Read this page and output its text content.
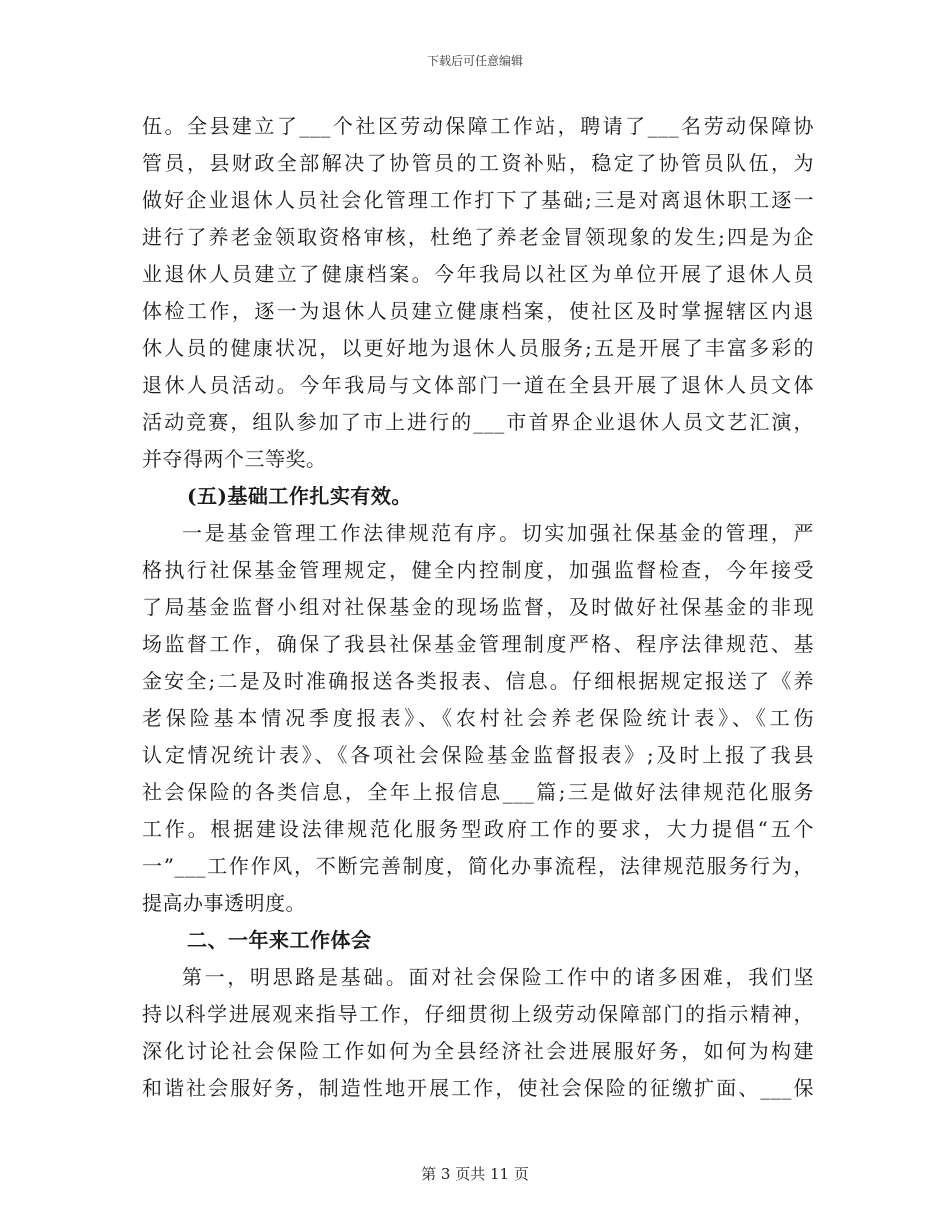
下载后可任意编辑
伍。全县建立了___个社区劳动保障工作站，聘请了___名劳动保障协
管员，县财政全部解决了协管员的工资补贴，稳定了协管员队伍，为
做好企业退休人员社会化管理工作打下了基础;三是对离退休职工逐一
进行了养老金领取资格审核，杜绝了养老金冒领现象的发生;四是为企
业退休人员建立了健康档案。今年我局以社区为单位开展了退休人员
体检工作，逐一为退休人员建立健康档案，使社区及时掌握辖区内退
休人员的健康状况，以更好地为退休人员服务;五是开展了丰富多彩的
退休人员活动。今年我局与文体部门一道在全县开展了退休人员文体
活动竞赛，组队参加了市上进行的___市首界企业退休人员文艺汇演，
并夺得两个三等奖。
(五)基础工作扎实有效。
一是基金管理工作法律规范有序。切实加强社保基金的管理，严
格执行社保基金管理规定，健全内控制度，加强监督检查，今年接受
了局基金监督小组对社保基金的现场监督，及时做好社保基金的非现
场监督工作，确保了我县社保基金管理制度严格、程序法律规范、基
金安全;二是及时准确报送各类报表、信息。仔细根据规定报送了《养
老保险基本情况季度报表》、《农村社会养老保险统计表》、《工伤
认定情况统计表》、《各项社会保险基金监督报表》;及时上报了我县
社会保险的各类信息，全年上报信息___篇;三是做好法律规范化服务
工作。根据建设法律规范化服务型政府工作的要求，大力提倡“五个
一”___工作作风，不断完善制度，简化办事流程，法律规范服务行为，
提高办事透明度。
二、一年来工作体会
第一，明思路是基础。面对社会保险工作中的诸多困难，我们坚
持以科学进展观来指导工作，仔细贯彻上级劳动保障部门的指示精神，
深化讨论社会保险工作如何为全县经济社会进展服好务，如何为构建
和谐社会服好务，制造性地开展工作，使社会保险的征缴扩面、___保
第 3 页共 11 页
